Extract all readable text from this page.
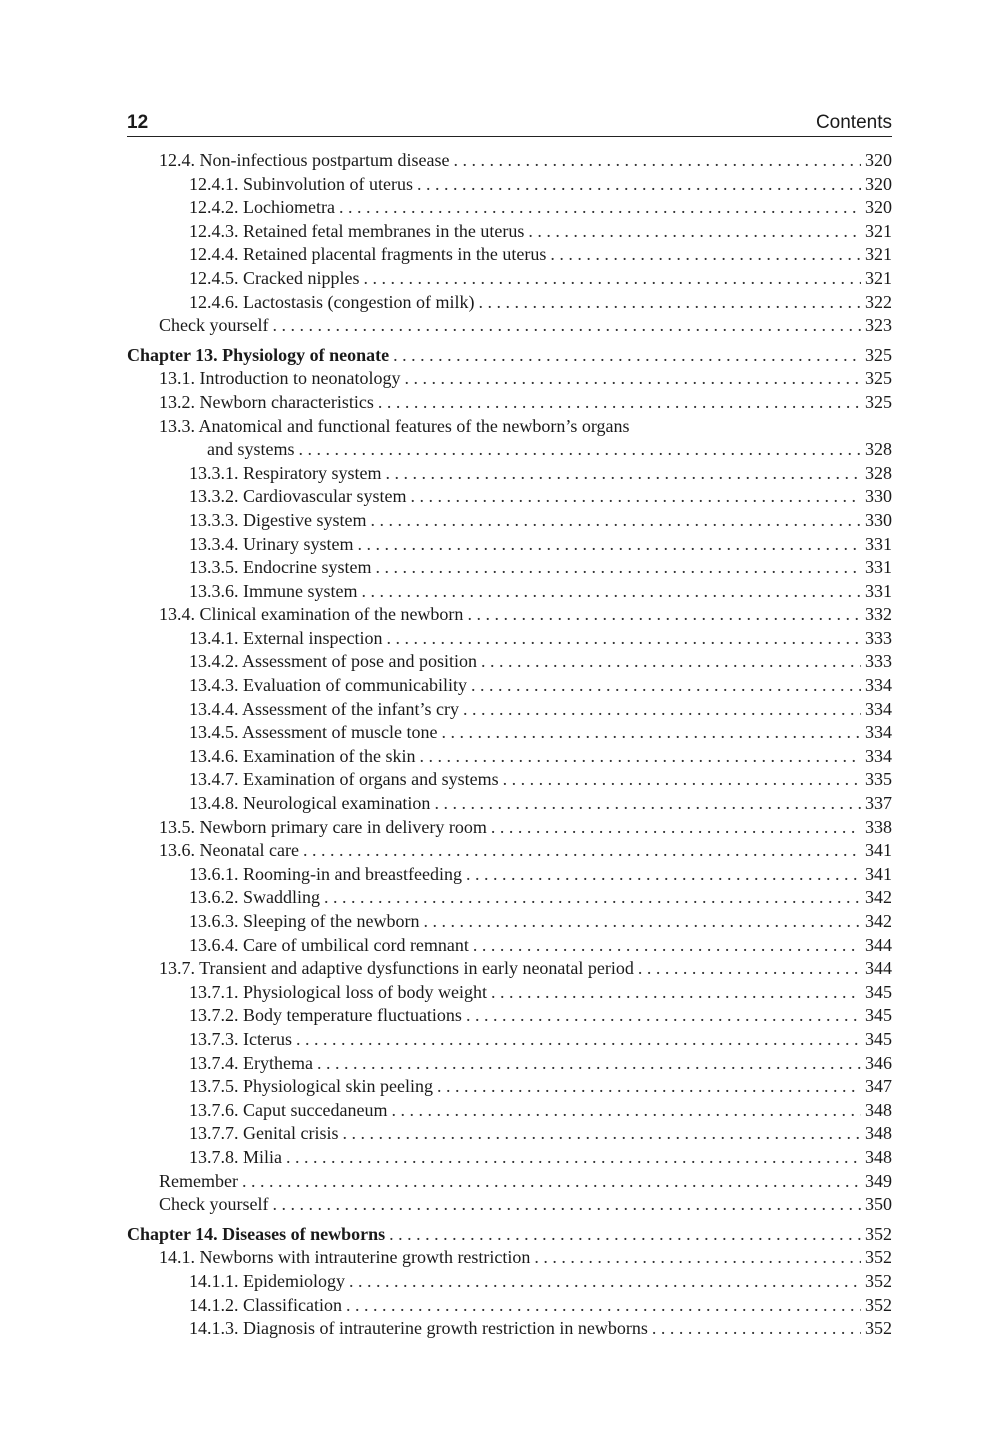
12	Contents
12.4. Non-infectious postpartum disease . . .	320
12.4.1. Subinvolution of uterus . . .	320
12.4.2. Lochiometra . . .	320
12.4.3. Retained fetal membranes in the uterus . . .	321
12.4.4. Retained placental fragments in the uterus . . .	321
12.4.5. Cracked nipples . . .	321
12.4.6. Lactostasis (congestion of milk) . . .	322
Check yourself . . .	323
Chapter 13. Physiology of neonate . . .	325
13.1. Introduction to neonatology . . .	325
13.2. Newborn characteristics . . .	325
13.3. Anatomical and functional features of the newborn’s organs
and systems . . .	328
13.3.1. Respiratory system . . .	328
13.3.2. Cardiovascular system . . .	330
13.3.3. Digestive system . . .	330
13.3.4. Urinary system . . .	331
13.3.5. Endocrine system . . .	331
13.3.6. Immune system . . .	331
13.4. Clinical examination of the newborn . . .	332
13.4.1. External inspection . . .	333
13.4.2. Assessment of pose and position . . .	333
13.4.3. Evaluation of communicability . . .	334
13.4.4. Assessment of the infant’s cry . . .	334
13.4.5. Assessment of muscle tone . . .	334
13.4.6. Examination of the skin . . .	334
13.4.7. Examination of organs and systems . . .	335
13.4.8. Neurological examination . . .	337
13.5. Newborn primary care in delivery room . . .	338
13.6. Neonatal care . . .	341
13.6.1. Rooming-in and breastfeeding . . .	341
13.6.2. Swaddling . . .	342
13.6.3. Sleeping of the newborn . . .	342
13.6.4. Care of umbilical cord remnant . . .	344
13.7. Transient and adaptive dysfunctions in early neonatal period . . .	344
13.7.1. Physiological loss of body weight . . .	345
13.7.2. Body temperature fluctuations . . .	345
13.7.3. Icterus . . .	345
13.7.4. Erythema . . .	346
13.7.5. Physiological skin peeling . . .	347
13.7.6. Caput succedaneum . . .	348
13.7.7. Genital crisis . . .	348
13.7.8. Milia . . .	348
Remember . . .	349
Check yourself . . .	350
Chapter 14. Diseases of newborns . . .	352
14.1. Newborns with intrauterine growth restriction . . .	352
14.1.1. Epidemiology . . .	352
14.1.2. Classification . . .	352
14.1.3. Diagnosis of intrauterine growth restriction in newborns . . .	352
